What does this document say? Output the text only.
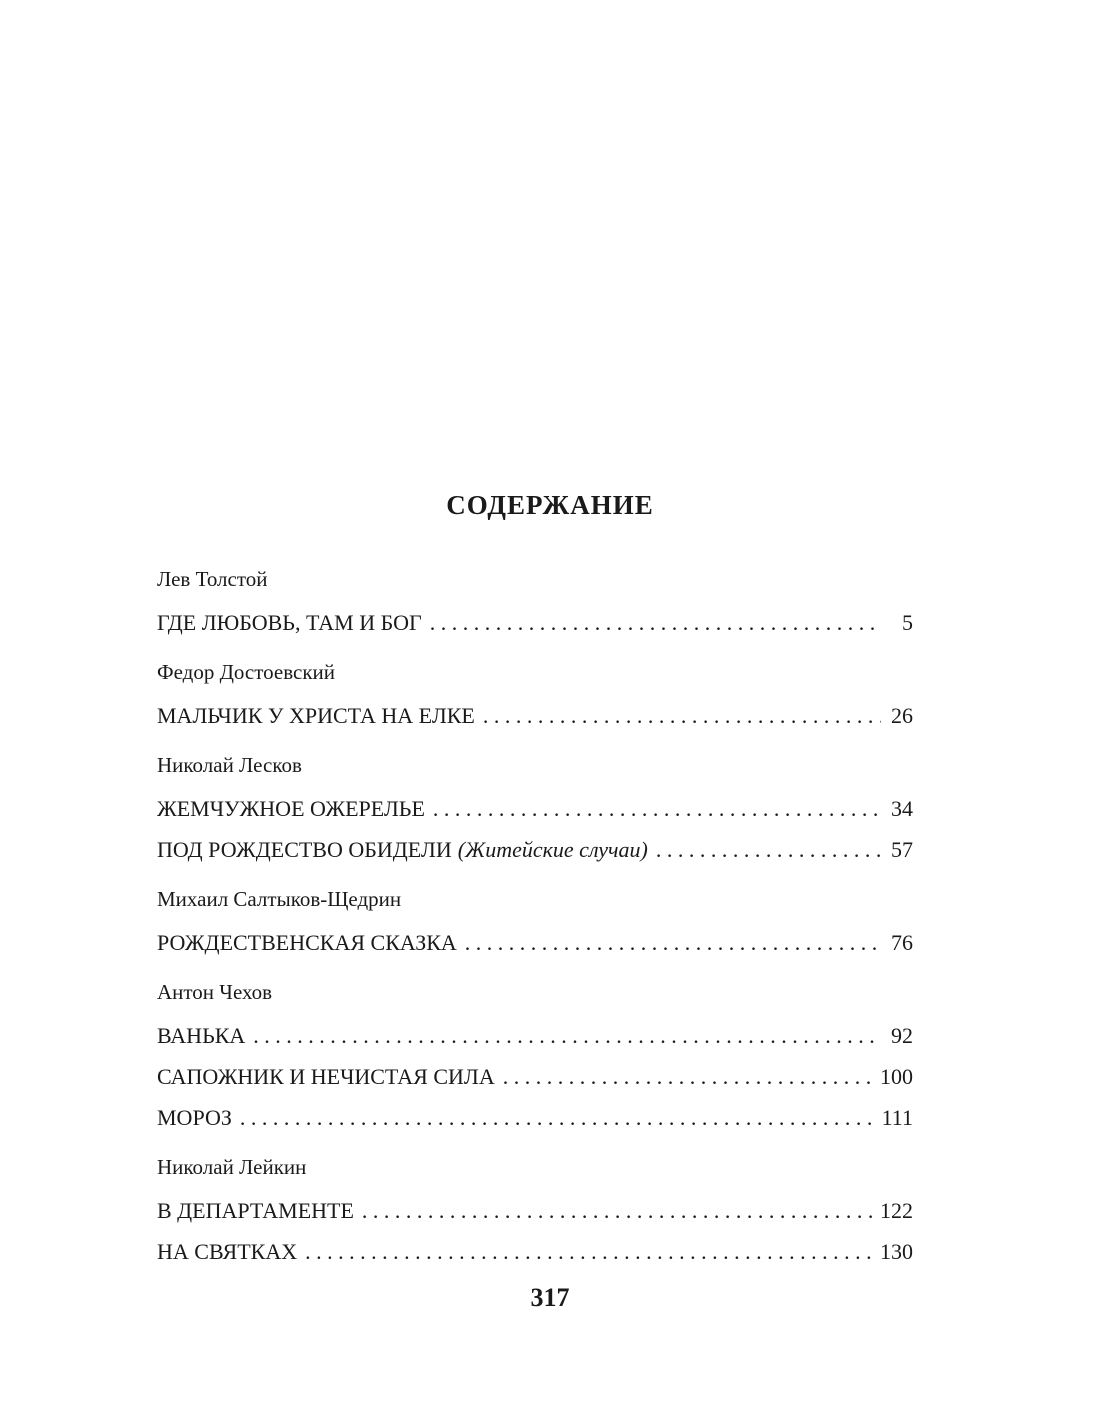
СОДЕРЖАНИЕ
Лев Толстой
ГДЕ ЛЮБОВЬ, ТАМ И БОГ . . .	5
Федор Достоевский
МАЛЬЧИК У ХРИСТА НА ЕЛКЕ . . .	26
Николай Лесков
ЖЕМЧУЖНОЕ ОЖЕРЕЛЬЕ . . .	34
ПОД РОЖДЕСТВО ОБИДЕЛИ (Житейские случаи) . . .	57
Михаил Салтыков-Щедрин
РОЖДЕСТВЕНСКАЯ СКАЗКА . . .	76
Антон Чехов
ВАНЬКА . . .	92
САПОЖНИК И НЕЧИСТАЯ СИЛА . . .	100
МОРОЗ . . .	111
Николай Лейкин
В ДЕПАРТАМЕНТЕ . . .	122
НА СВЯТКАХ . . .	130
317
